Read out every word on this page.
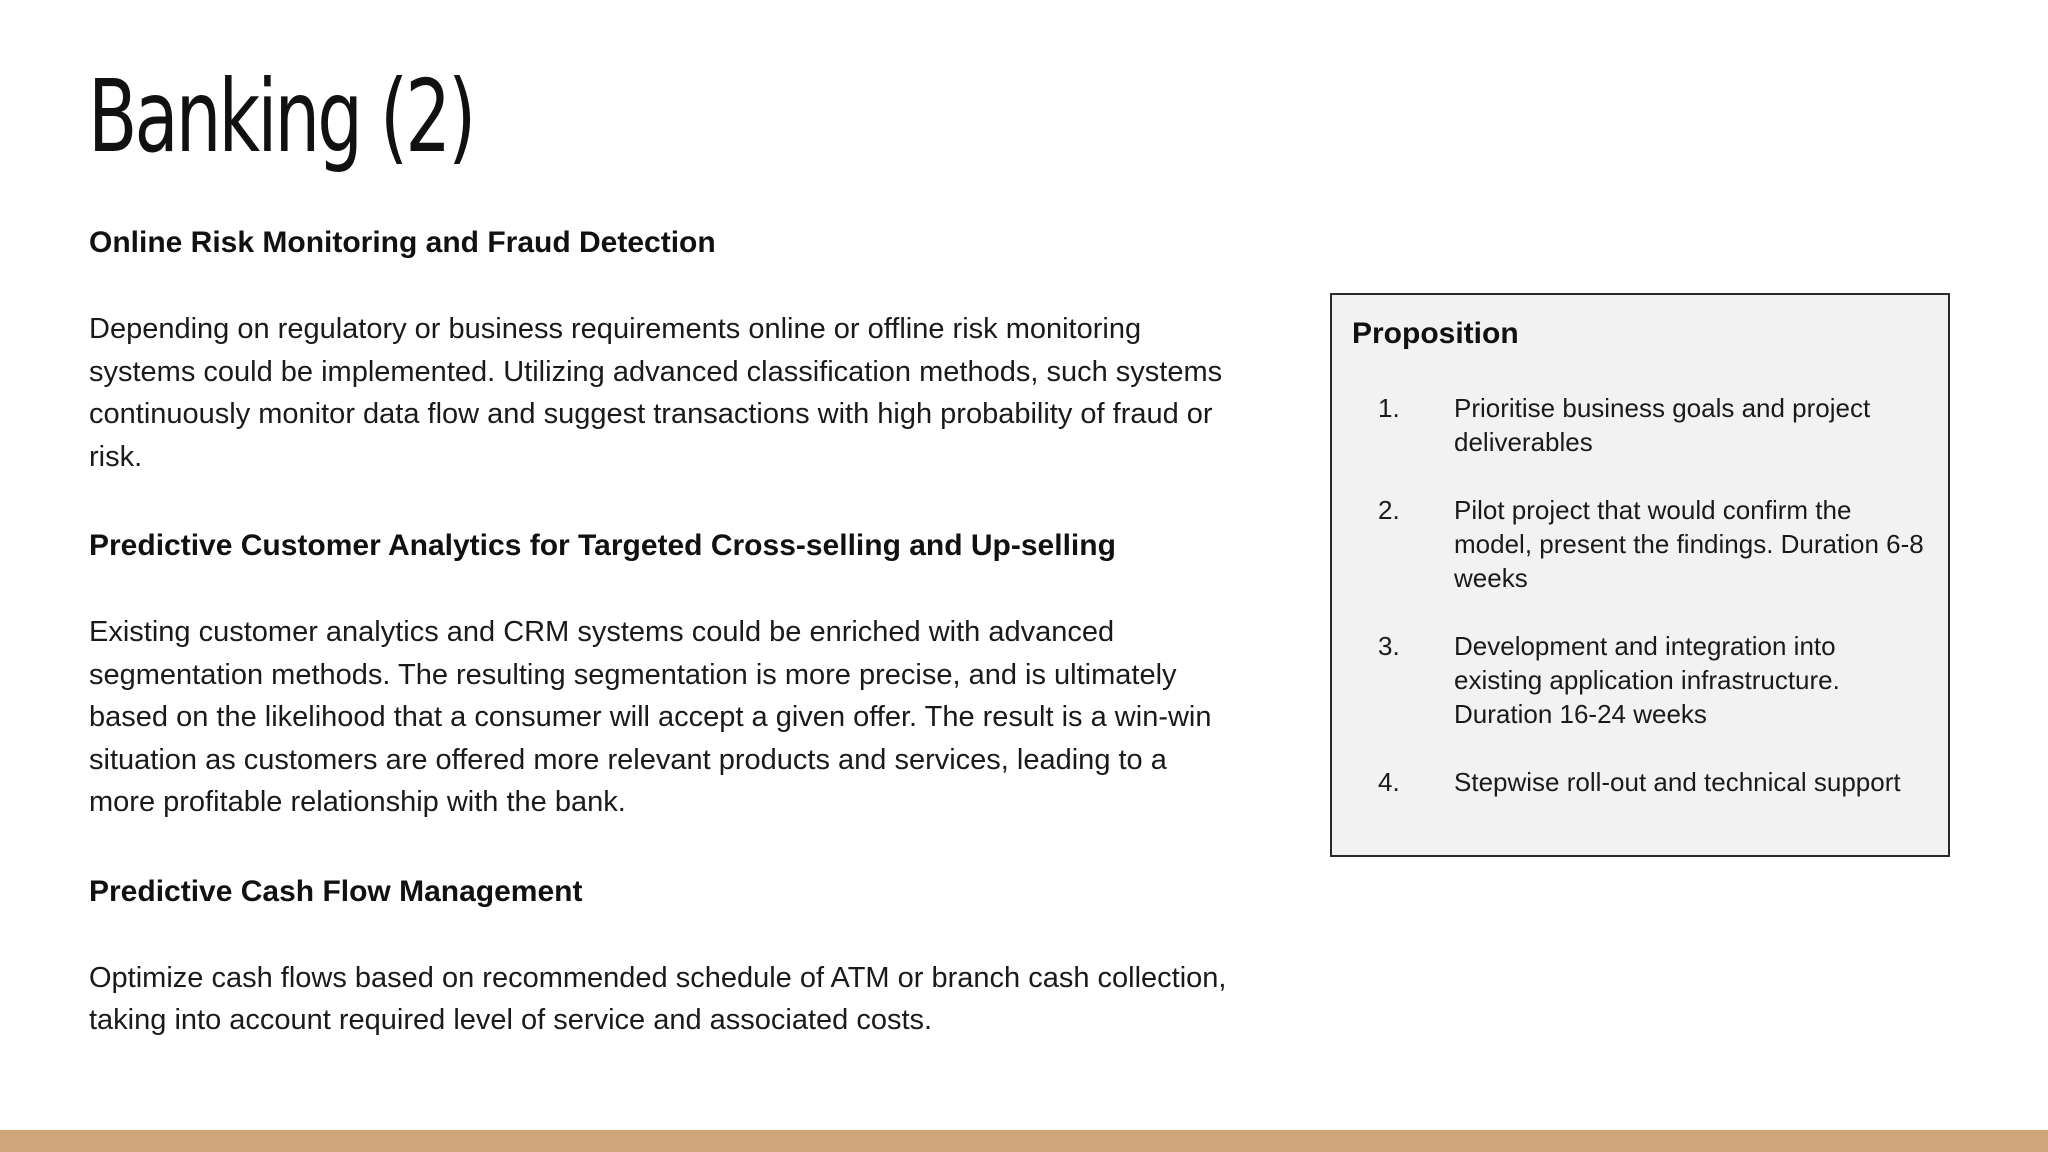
Banking (2)
Online Risk Monitoring and Fraud Detection

Depending on regulatory or business requirements online or offline risk monitoring systems could be implemented. Utilizing advanced classification methods, such systems continuously monitor data flow and suggest transactions with high probability of fraud or risk.

Predictive Customer Analytics for Targeted Cross-selling and Up-selling

Existing customer analytics and CRM systems could be enriched with advanced segmentation methods. The resulting segmentation is more precise, and is ultimately based on the likelihood that a consumer will accept a given offer. The result is a win-win situation as customers are offered more relevant products and services, leading to a more profitable relationship with the bank.

Predictive Cash Flow Management

Optimize cash flows based on recommended schedule of ATM or branch cash collection, taking into account required level of service and associated costs.

Proposition
1.	Prioritise business goals and project deliverables
2.	Pilot project that would confirm the model, present the findings. Duration 6-8 weeks
3.	Development and integration into existing application infrastructure. Duration 16-24 weeks
4.	Stepwise roll-out and technical support
